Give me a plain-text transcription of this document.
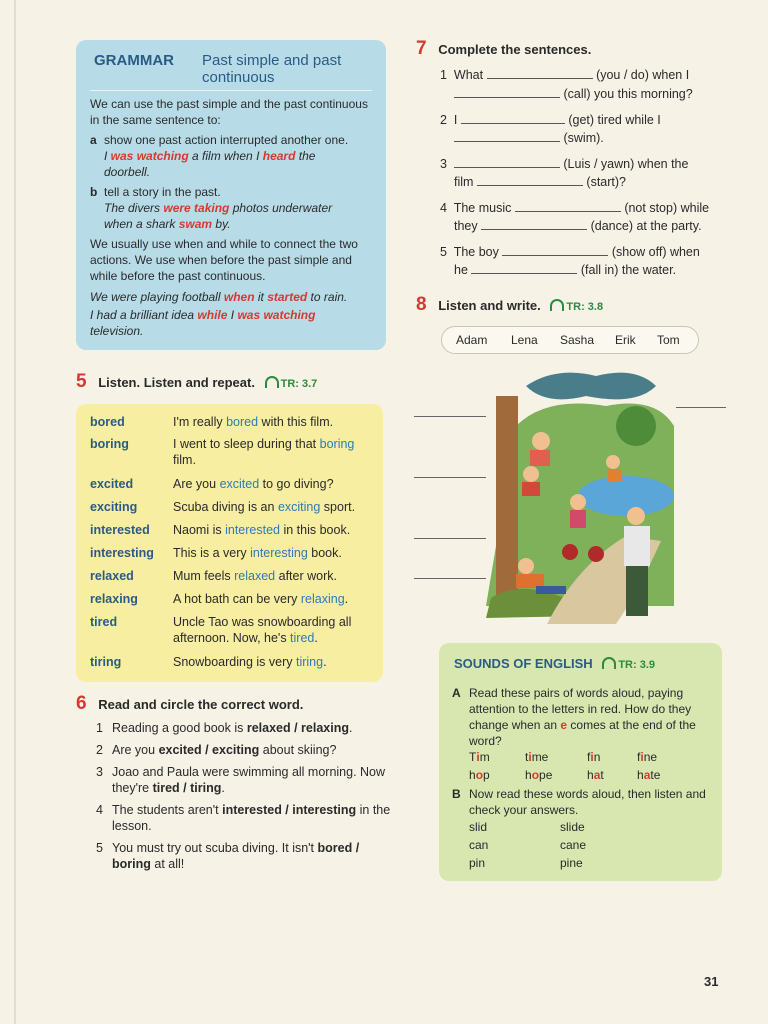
GRAMMAR Past simple and past continuous
We can use the past simple and the past continuous in the same sentence to:
a show one past action interrupted another one.
I was watching a film when I heard the doorbell.
b tell a story in the past.
The divers were taking photos underwater when a shark swam by.
We usually use when and while to connect the two actions. We use when before the past simple and while before the past continuous.
We were playing football when it started to rain.
I had a brilliant idea while I was watching television.
5 Listen. Listen and repeat. TR: 3.7
bored	I'm really bored with this film.
boring	I went to sleep during that boring film.
excited	Are you excited to go diving?
exciting	Scuba diving is an exciting sport.
interested	Naomi is interested in this book.
interesting	This is a very interesting book.
relaxed	Mum feels relaxed after work.
relaxing	A hot bath can be very relaxing.
tired	Uncle Tao was snowboarding all afternoon. Now, he's tired.
tiring	Snowboarding is very tiring.
6 Read and circle the correct word.
1 Reading a good book is relaxed / relaxing.
2 Are you excited / exciting about skiing?
3 Joao and Paula were swimming all morning. Now they're tired / tiring.
4 The students aren't interested / interesting in the lesson.
5 You must try out scuba diving. It isn't bored / boring at all!
7 Complete the sentences.
1 What	(you / do) when I
(call) you this morning?
2 I	(get) tired while I
(swim).
3	(Luis / yawn) when the
film	(start)?
4 The music	(not stop) while
they	(dance) at the party.
5 The boy	(show off) when
he	(fall in) the water.
8 Listen and write. TR: 3.8
Adam Lena Sasha Erik Tom
SOUNDS OF ENGLISH TR: 3.9
A Read these pairs of words aloud, paying attention to the letters in red. How do they change when an e comes at the end of the word?
Tim	time	fin	fine
hop	hope	hat	hate
B Now read these words aloud, then listen and check your answers.
slid	slide
can	cane
pin	pine
31
